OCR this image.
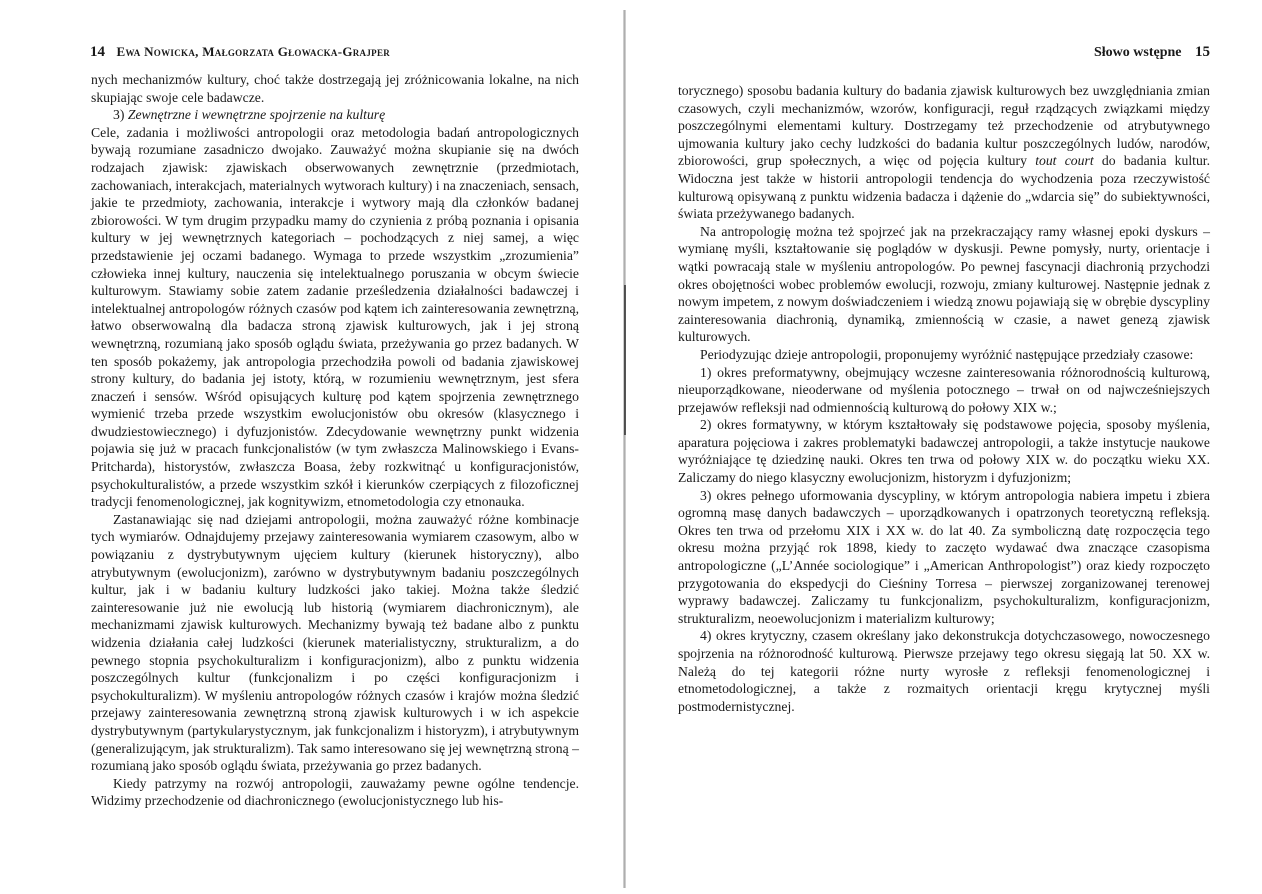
14 Ewa Nowicka, Małgorzata Głowacka-Grajper

nych mechanizmów kultury, choć także dostrzegają jej zróżnicowania lokalne, na nich skupiając swoje cele badawcze.

3) Zewnętrzne i wewnętrzne spojrzenie na kulturę

Cele, zadania i możliwości antropologii oraz metodologia badań antropologicznych bywają rozumiane zasadniczo dwojako. Zauważyć można skupianie się na dwóch rodzajach zjawisk: zjawiskach obserwowanych zewnętrznie (przedmiotach, zachowaniach, interakcjach, materialnych wytworach kultury) i na znaczeniach, sensach, jakie te przedmioty, zachowania, interakcje i wytwory mają dla członków badanej zbiorowości. W tym drugim przypadku mamy do czynienia z próbą poznania i opisania kultury w jej wewnętrznych kategoriach – pochodzących z niej samej, a więc przedstawienie jej oczami badanego. Wymaga to przede wszystkim „zrozumienia” człowieka innej kultury, nauczenia się intelektualnego poruszania w obcym świecie kulturowym. Stawiamy sobie zatem zadanie prześledzenia działalności badawczej i intelektualnej antropologów różnych czasów pod kątem ich zainteresowania zewnętrzną, łatwo obserwowalną dla badacza stroną zjawisk kulturowych, jak i jej stroną wewnętrzną, rozumianą jako sposób oglądu świata, przeżywania go przez badanych. W ten sposób pokażemy, jak antropologia przechodziła powoli od badania zjawiskowej strony kultury, do badania jej istoty, którą, w rozumieniu wewnętrznym, jest sfera znaczeń i sensów. Wśród opisujących kulturę pod kątem spojrzenia zewnętrznego wymienić trzeba przede wszystkim ewolucjonistów obu okresów (klasycznego i dwudziestowiecznego) i dyfuzjonistów. Zdecydowanie wewnętrzny punkt widzenia pojawia się już w pracach funkcjonalistów (w tym zwłaszcza Malinowskiego i Evans-Pritcharda), historystów, zwłaszcza Boasa, żeby rozkwitnąć u konfiguracjonistów, psychokulturalistów, a przede wszystkim szkół i kierunków czerpiących z filozoficznej tradycji fenomenologicznej, jak kognitywizm, etnometodologia czy etnonauka.

Zastanawiając się nad dziejami antropologii, można zauważyć różne kombinacje tych wymiarów. Odnajdujemy przejawy zainteresowania wymiarem czasowym, albo w powiązaniu z dystrybutywnym ujęciem kultury (kierunek historyczny), albo atrybutywnym (ewolucjonizm), zarówno w dystrybutywnym badaniu poszczególnych kultur, jak i w badaniu kultury ludzkości jako takiej. Można także śledzić zainteresowanie już nie ewolucją lub historią (wymiarem diachronicznym), ale mechanizmami zjawisk kulturowych. Mechanizmy bywają też badane albo z punktu widzenia działania całej ludzkości (kierunek materialistyczny, strukturalizm, a do pewnego stopnia psychokulturalizm i konfiguracjonizm), albo z punktu widzenia poszczególnych kultur (funkcjonalizm i po części konfiguracjonizm i psychokulturalizm). W myśleniu antropologów różnych czasów i krajów można śledzić przejawy zainteresowania zewnętrzną stroną zjawisk kulturowych i w ich aspekcie dystrybutywnym (partykularystycznym, jak funkcjonalizm i historyzm), i atrybutywnym (generalizującym, jak strukturalizm). Tak samo interesowano się jej wewnętrzną stroną – rozumianą jako sposób oglądu świata, przeżywania go przez badanych.

Kiedy patrzymy na rozwój antropologii, zauważamy pewne ogólne tendencje. Widzimy przechodzenie od diachronicznego (ewolucjonistycznego lub his-

Słowo wstępne 15

torycznego) sposobu badania kultury do badania zjawisk kulturowych bez uwzględniania zmian czasowych, czyli mechanizmów, wzorów, konfiguracji, reguł rządzących związkami między poszczególnymi elementami kultury. Dostrzegamy też przechodzenie od atrybutywnego ujmowania kultury jako cechy ludzkości do badania kultur poszczególnych ludów, narodów, zbiorowości, grup społecznych, a więc od pojęcia kultury tout court do badania kultur. Widoczna jest także w historii antropologii tendencja do wychodzenia poza rzeczywistość kulturową opisywaną z punktu widzenia badacza i dążenie do „wdarcia się” do subiektywności, świata przeżywanego badanych.

Na antropologię można też spojrzeć jak na przekraczający ramy własnej epoki dyskurs – wymianę myśli, kształtowanie się poglądów w dyskusji. Pewne pomysły, nurty, orientacje i wątki powracają stale w myśleniu antropologów. Po pewnej fascynacji diachronią przychodzi okres obojętności wobec problemów ewolucji, rozwoju, zmiany kulturowej. Następnie jednak z nowym impetem, z nowym doświadczeniem i wiedzą znowu pojawiają się w obrębie dyscypliny zainteresowania diachronią, dynamiką, zmiennością w czasie, a nawet genezą zjawisk kulturowych.

Periodyzując dzieje antropologii, proponujemy wyróżnić następujące przedziały czasowe:

1) okres preformatywny, obejmujący wczesne zainteresowania różnorodnością kulturową, nieuporządkowane, nieoderwane od myślenia potocznego – trwał on od najwcześniejszych przejawów refleksji nad odmiennością kulturową do połowy XIX w.;

2) okres formatywny, w którym kształtowały się podstawowe pojęcia, sposoby myślenia, aparatura pojęciowa i zakres problematyki badawczej antropologii, a także instytucje naukowe wyróżniające tę dziedzinę nauki. Okres ten trwa od połowy XIX w. do początku wieku XX. Zaliczamy do niego klasyczny ewolucjonizm, historyzm i dyfuzjonizm;

3) okres pełnego uformowania dyscypliny, w którym antropologia nabiera impetu i zbiera ogromną masę danych badawczych – uporządkowanych i opatrzonych teoretyczną refleksją. Okres ten trwa od przełomu XIX i XX w. do lat 40. Za symboliczną datę rozpoczęcia tego okresu można przyjąć rok 1898, kiedy to zaczęto wydawać dwa znaczące czasopisma antropologiczne („L’Année sociologique” i „American Anthropologist”) oraz kiedy rozpoczęto przygotowania do ekspedycji do Cieśniny Torresa – pierwszej zorganizowanej terenowej wyprawy badawczej. Zaliczamy tu funkcjonalizm, psychokulturalizm, konfiguracjonizm, strukturalizm, neoewolucjonizm i materializm kulturowy;

4) okres krytyczny, czasem określany jako dekonstrukcja dotychczasowego, nowoczesnego spojrzenia na różnorodność kulturową. Pierwsze przejawy tego okresu sięgają lat 50. XX w. Należą do tej kategorii różne nurty wyrosłe z refleksji fenomenologicznej i etnometodologicznej, a także z rozmaitych orientacji kręgu krytycznej myśli postmodernistycznej.
